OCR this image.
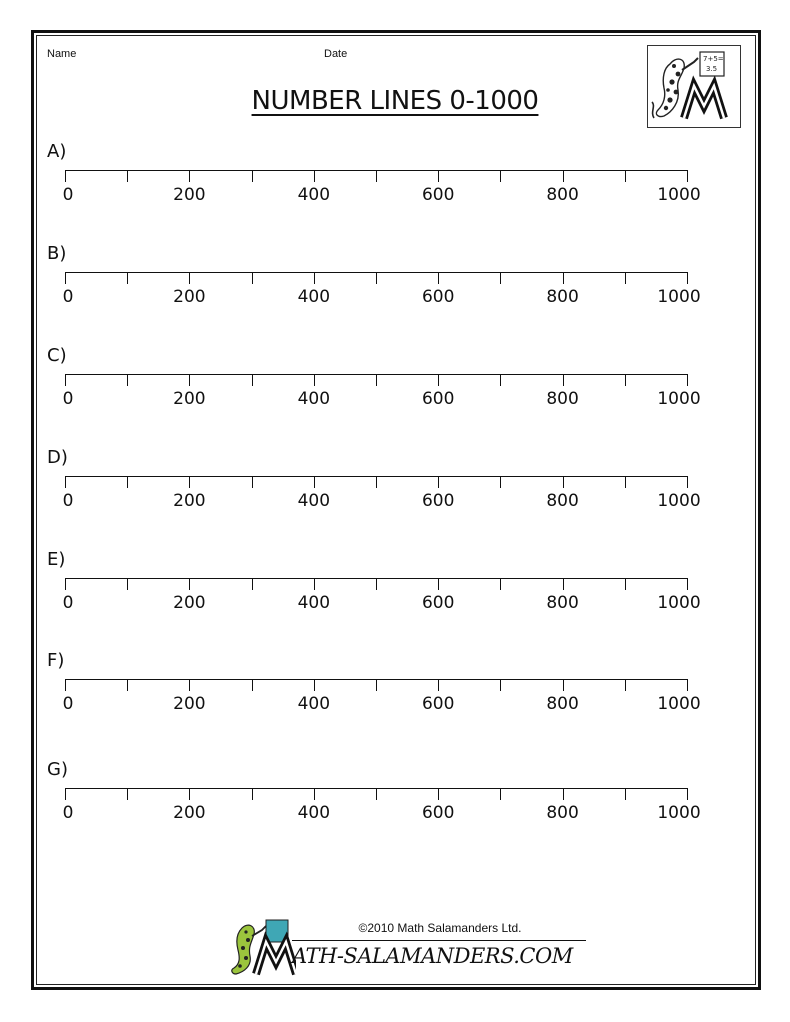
Name	Date
NUMBER LINES 0-1000
7+5=
3.5
A)
0	200	400	600	800	1000
B)
0	200	400	600	800	1000
C)
0	200	400	600	800	1000
D)
0	200	400	600	800	1000
E)
0	200	400	600	800	1000
F)
0	200	400	600	800	1000
G)
0	200	400	600	800	1000
©2010 Math Salamanders Ltd.
ATH-SALAMANDERS.COM
